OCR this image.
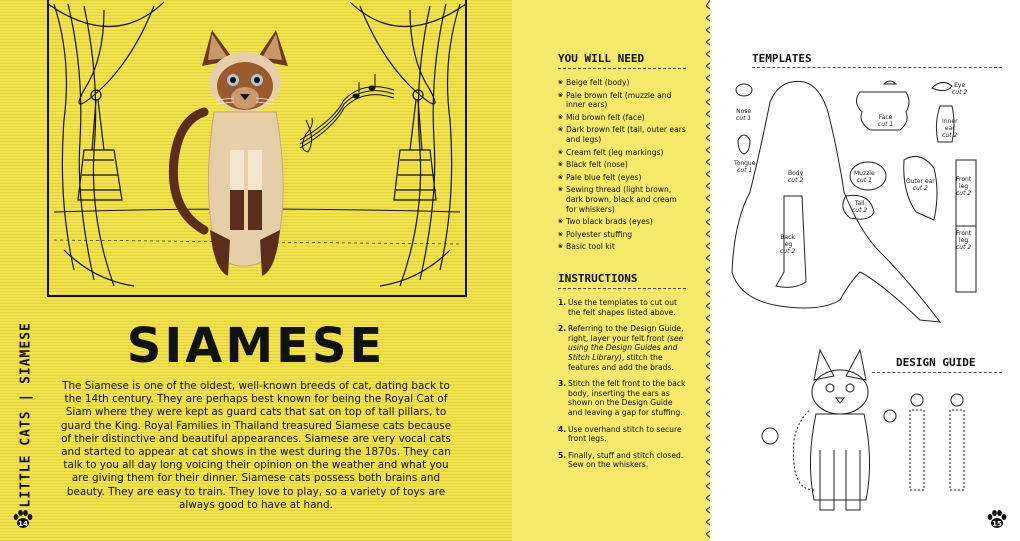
LITTLE CATS | SIAMESE	SIAMESE
The Siamese is one of the oldest, well-known breeds of cat, dating back to the 14th century. They are perhaps best known for being the Royal Cat of Siam where they were kept as guard cats that sat on top of tall pillars, to guard the King. Royal Families in Thailand treasured Siamese cats because of their distinctive and beautiful appearances. Siamese are very vocal cats and started to appear at cat shows in the west during the 1870s. They can talk to you all day long voicing their opinion on the weather and what you are giving them for their dinner. Siamese cats possess both brains and beauty. They are easy to train. They love to play, so a variety of toys are always good to have at hand.
14
YOU WILL NEED
❀ Beige felt (body)
❀ Pale brown felt (muzzle and inner ears)
❀ Mid brown felt (face)
❀ Dark brown felt (tail, outer ears and legs)
❀ Cream felt (leg markings)
❀ Black felt (nose)
❀ Pale blue felt (eyes)
❀ Sewing thread (light brown, dark brown, black and cream for whiskers)
❀ Two black brads (eyes)
❀ Polyester stuffing
❀ Basic tool kit
INSTRUCTIONS
1. Use the templates to cut out the felt shapes listed above.
2. Referring to the Design Guide, right, layer your felt front (see using the Design Guides and Stitch Library), stitch the features and add the brads.
3. Stitch the felt front to the back body, inserting the ears as shown on the Design Guide and leaving a gap for stuffing.
4. Use overhand stitch to secure front legs.
5. Finally, stuff and stitch closed. Sew on the whiskers.
TEMPLATES
Nose
cut 1
Tongue
cut 1	Body
cut 2
Back
leg
cut 2
Face
cut 1
Eye
cut 2
Inner
ear
cut 2
Muzzle
cut 1	Outer ear
cut 2
Tail
cut 2
Front
leg
cut 2
Front
leg
cut 2
DESIGN GUIDE
15
